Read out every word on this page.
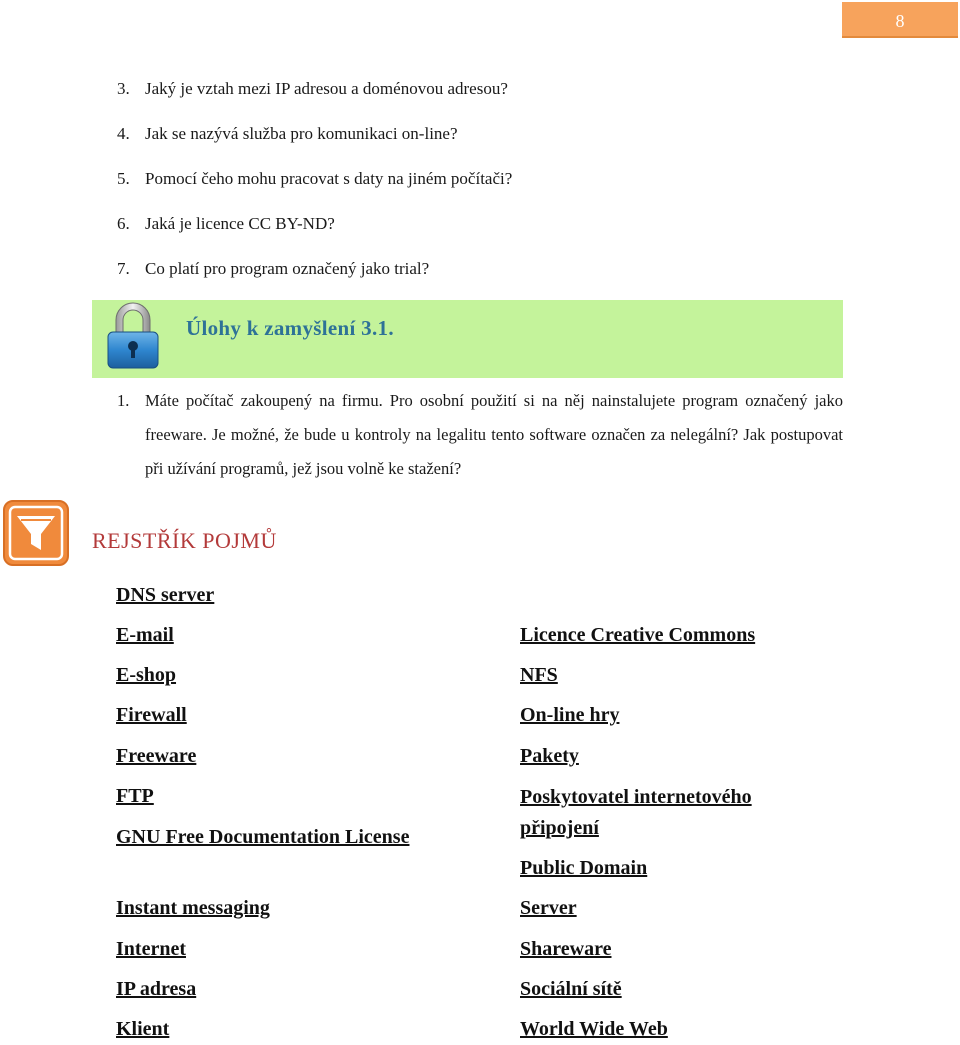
8
3. Jaký je vztah mezi IP adresou a doménovou adresou?
4. Jak se nazývá služba pro komunikaci on-line?
5. Pomocí čeho mohu pracovat s daty na jiném počítači?
6. Jaká je licence CC BY-ND?
7. Co platí pro program označený jako trial?
Úlohy k zamyšlení 3.1.
1. Máte počítač zakoupený na firmu. Pro osobní použití si na něj nainstalujete program označený jako freeware. Je možné, že bude u kontroly na legalitu tento software označen za nelegální? Jak postupovat při užívání programů, jež jsou volně ke stažení?
REJSTŘÍK POJMŮ
DNS server
E-mail
E-shop
Firewall
Freeware
FTP
GNU Free Documentation License
Instant messaging
Internet
IP adresa
Klient
Licence Creative Commons
NFS
On-line hry
Pakety
Poskytovatel internetového připojení
Public Domain
Server
Shareware
Sociální sítě
World Wide Web
